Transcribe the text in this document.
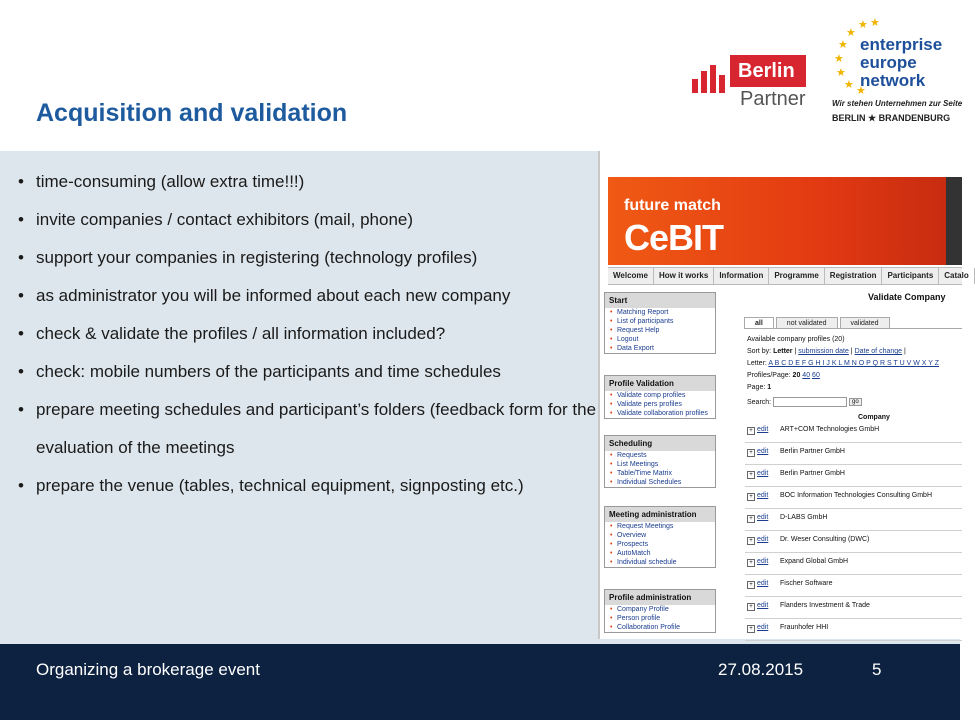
Acquisition and validation
Berlin
Partner
★ ★
★
★
★
★
★ ★
enterprise
europe
network
Wir stehen Unternehmen zur Seite
BERLIN ★ BRANDENBURG
• time-consuming (allow extra time!!!)
• invite companies / contact exhibitors (mail, phone)
• support your companies in registering (technology profiles)
• as administrator you will be informed about each new company
• check & validate the profiles / all information included?
• check: mobile numbers of the participants and time schedules
• prepare meeting schedules and participant’s folders (feedback form for the evaluation of the meetings
• prepare the venue (tables, technical equipment, signposting etc.)
future match
CeBIT
Welcome	How it works	Information	Programme	Registration	Participants	Catalo
Start
• Matching Report
• List of participants
• Request Help
• Logout
• Data Export
Profile Validation
• Validate comp profiles
• Validate pers profiles
• Validate collaboration profiles
Scheduling
• Requests
• List Meetings
• Table/Time Matrix
• Individual Schedules
Meeting administration
• Request Meetings
• Overview
• Prospects
• AutoMatch
• Individual schedule
Profile administration
• Company Profile
• Person profile
• Collaboration Profile
Validate Company
all	not validated	validated
Available company profiles (20)
Sort by: Letter | submission date | Date of change |
Letter: A B C D E F G H I J K L M N O P Q R S T U V W X Y Z
Profiles/Page: 20 40 60
Page: 1
Search:	go
Company
+ edit ART+COM Technologies GmbH
+ edit Berlin Partner GmbH
+ edit Berlin Partner GmbH
+ edit BOC Information Technologies Consulting GmbH
+ edit D-LABS GmbH
+ edit Dr. Weser Consulting (DWC)
+ edit Expand Global GmbH
+ edit Fischer Software
+ edit Flanders Investment & Trade
+ edit Fraunhofer HHI
Organizing a brokerage event	27.08.2015	5
